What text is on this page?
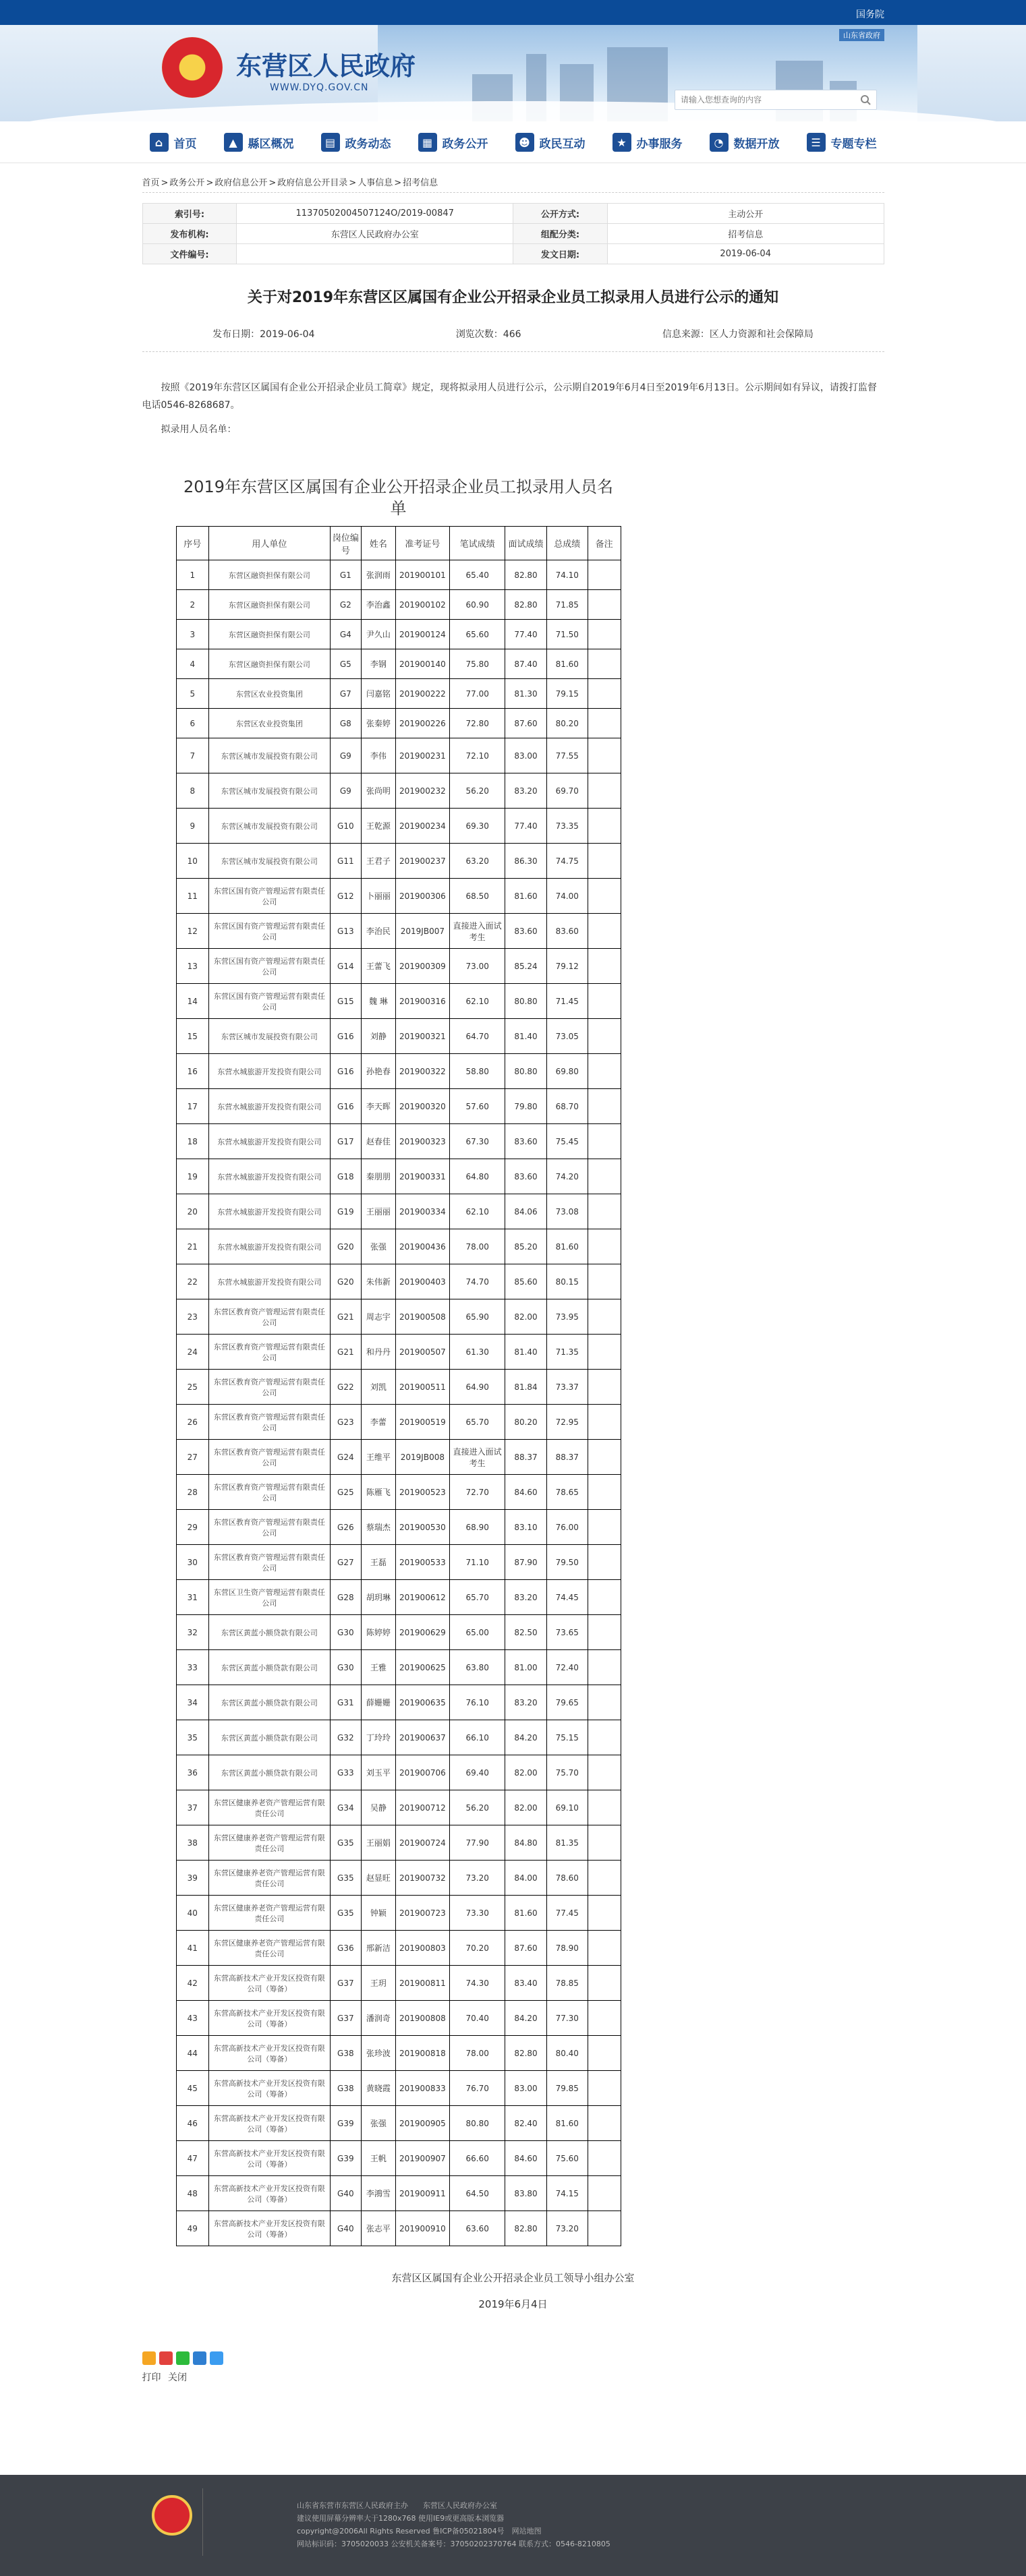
国务院
山东省政府
东营区人民政府
WWW.DYQ.GOV.CN
请输入您想查询的内容
⌂ 首页	▲ 縣区概况	▤ 政务动态	▦ 政务公开	☻ 政民互动	★ 办事服务	◔ 数据开放	☰ 专题专栏
首页 > 政务公开 > 政府信息公开 > 政府信息公开目录 > 人事信息 > 招考信息
索引号:	11370502004507124O/2019-00847	公开方式:	主动公开
发布机构:	东营区人民政府办公室	组配分类:	招考信息
文件编号:		发文日期:	2019-06-04
关于对2019年东营区区属国有企业公开招录企业员工拟录用人员进行公示的通知
发布日期：2019-06-04	浏览次数：466	信息来源：区人力资源和社会保障局

按照《2019年东营区区属国有企业公开招录企业员工简章》规定，现将拟录用人员进行公示，公示期自2019年6月4日至2019年6月13日。公示期间如有异议，请拨打监督电话0546-8268687。

拟录用人员名单：

2019年东营区区属国有企业公开招录企业员工拟录用人员名单
序号	用人单位	岗位编号	姓名	准考证号	笔试成绩	面试成绩	总成绩	备注
1	东营区融资担保有限公司	G1	张润雨	201900101	65.40	82.80	74.10	
2	东营区融资担保有限公司	G2	李治鑫	201900102	60.90	82.80	71.85	
3	东营区融资担保有限公司	G4	尹久山	201900124	65.60	77.40	71.50	
4	东营区融资担保有限公司	G5	李钢	201900140	75.80	87.40	81.60	
5	东营区农业投资集团	G7	闫嘉铭	201900222	77.00	81.30	79.15	
6	东营区农业投资集团	G8	张秦婷	201900226	72.80	87.60	80.20	
7	东营区城市发展投资有限公司	G9	李伟	201900231	72.10	83.00	77.55	
8	东营区城市发展投资有限公司	G9	张尚明	201900232	56.20	83.20	69.70	
9	东营区城市发展投资有限公司	G10	王乾源	201900234	69.30	77.40	73.35	
10	东营区城市发展投资有限公司	G11	王君子	201900237	63.20	86.30	74.75	
11	东营区国有资产管理运营有限责任公司	G12	卜丽丽	201900306	68.50	81.60	74.00	
12	东营区国有资产管理运营有限责任公司	G13	李治民	2019JB007	直接进入面试考生	83.60	83.60	
13	东营区国有资产管理运营有限责任公司	G14	王蕾飞	201900309	73.00	85.24	79.12	
14	东营区国有资产管理运营有限责任公司	G15	魏 琳	201900316	62.10	80.80	71.45	
15	东营区城市发展投资有限公司	G16	刘静	201900321	64.70	81.40	73.05	
16	东营水城旅游开发投资有限公司	G16	孙艳春	201900322	58.80	80.80	69.80	
17	东营水城旅游开发投资有限公司	G16	李天晖	201900320	57.60	79.80	68.70	
18	东营水城旅游开发投资有限公司	G17	赵春佳	201900323	67.30	83.60	75.45	
19	东营水城旅游开发投资有限公司	G18	秦朋朋	201900331	64.80	83.60	74.20	
20	东营水城旅游开发投资有限公司	G19	王丽丽	201900334	62.10	84.06	73.08	
21	东营水城旅游开发投资有限公司	G20	张强	201900436	78.00	85.20	81.60	
22	东营水城旅游开发投资有限公司	G20	朱伟新	201900403	74.70	85.60	80.15	
23	东营区教育资产管理运营有限责任公司	G21	周志宇	201900508	65.90	82.00	73.95	
24	东营区教育资产管理运营有限责任公司	G21	和丹丹	201900507	61.30	81.40	71.35	
25	东营区教育资产管理运营有限责任公司	G22	刘凯	201900511	64.90	81.84	73.37	
26	东营区教育资产管理运营有限责任公司	G23	李蕾	201900519	65.70	80.20	72.95	
27	东营区教育资产管理运营有限责任公司	G24	王维平	2019JB008	直接进入面试考生	88.37	88.37	
28	东营区教育资产管理运营有限责任公司	G25	陈雁飞	201900523	72.70	84.60	78.65	
29	东营区教育资产管理运营有限责任公司	G26	蔡瑞杰	201900530	68.90	83.10	76.00	
30	东营区教育资产管理运营有限责任公司	G27	王磊	201900533	71.10	87.90	79.50	
31	东营区卫生资产管理运营有限责任公司	G28	胡玥琳	201900612	65.70	83.20	74.45	
32	东营区黄蓝小额贷款有限公司	G30	陈婷婷	201900629	65.00	82.50	73.65	
33	东营区黄蓝小额贷款有限公司	G30	王雅	201900625	63.80	81.00	72.40	
34	东营区黄蓝小额贷款有限公司	G31	薛姗姗	201900635	76.10	83.20	79.65	
35	东营区黄蓝小额贷款有限公司	G32	丁玲玲	201900637	66.10	84.20	75.15	
36	东营区黄蓝小额贷款有限公司	G33	刘玉平	201900706	69.40	82.00	75.70	
37	东营区健康养老资产管理运营有限责任公司	G34	吴静	201900712	56.20	82.00	69.10	
38	东营区健康养老资产管理运营有限责任公司	G35	王丽娟	201900724	77.90	84.80	81.35	
39	东营区健康养老资产管理运营有限责任公司	G35	赵显旺	201900732	73.20	84.00	78.60	
40	东营区健康养老资产管理运营有限责任公司	G35	钟颖	201900723	73.30	81.60	77.45	
41	东营区健康养老资产管理运营有限责任公司	G36	邢新洁	201900803	70.20	87.60	78.90	
42	东营高新技术产业开发区投资有限公司（筹备）	G37	王玥	201900811	74.30	83.40	78.85	
43	东营高新技术产业开发区投资有限公司（筹备）	G37	潘润奇	201900808	70.40	84.20	77.30	
44	东营高新技术产业开发区投资有限公司（筹备）	G38	张珍波	201900818	78.00	82.80	80.40	
45	东营高新技术产业开发区投资有限公司（筹备）	G38	黄晓霞	201900833	76.70	83.00	79.85	
46	东营高新技术产业开发区投资有限公司（筹备）	G39	张强	201900905	80.80	82.40	81.60	
47	东营高新技术产业开发区投资有限公司（筹备）	G39	王帆	201900907	66.60	84.60	75.60	
48	东营高新技术产业开发区投资有限公司（筹备）	G40	李鴻雪	201900911	64.50	83.80	74.15	
49	东营高新技术产业开发区投资有限公司（筹备）	G40	张志平	201900910	63.60	82.80	73.20	
东营区区属国有企业公开招录企业员工领导小组办公室
2019年6月4日
打印 关闭
山东省东营市东营区人民政府主办　　东营区人民政府办公室
建议使用屏幕分辨率大于1280x768 使用IE9或更高版本浏览器
copyright@2006All Rights Reserved 鲁ICP备05021804号　网站地图
网站标识码：3705020033 公安机关备案号：37050202370764 联系方式：0546-8210805
